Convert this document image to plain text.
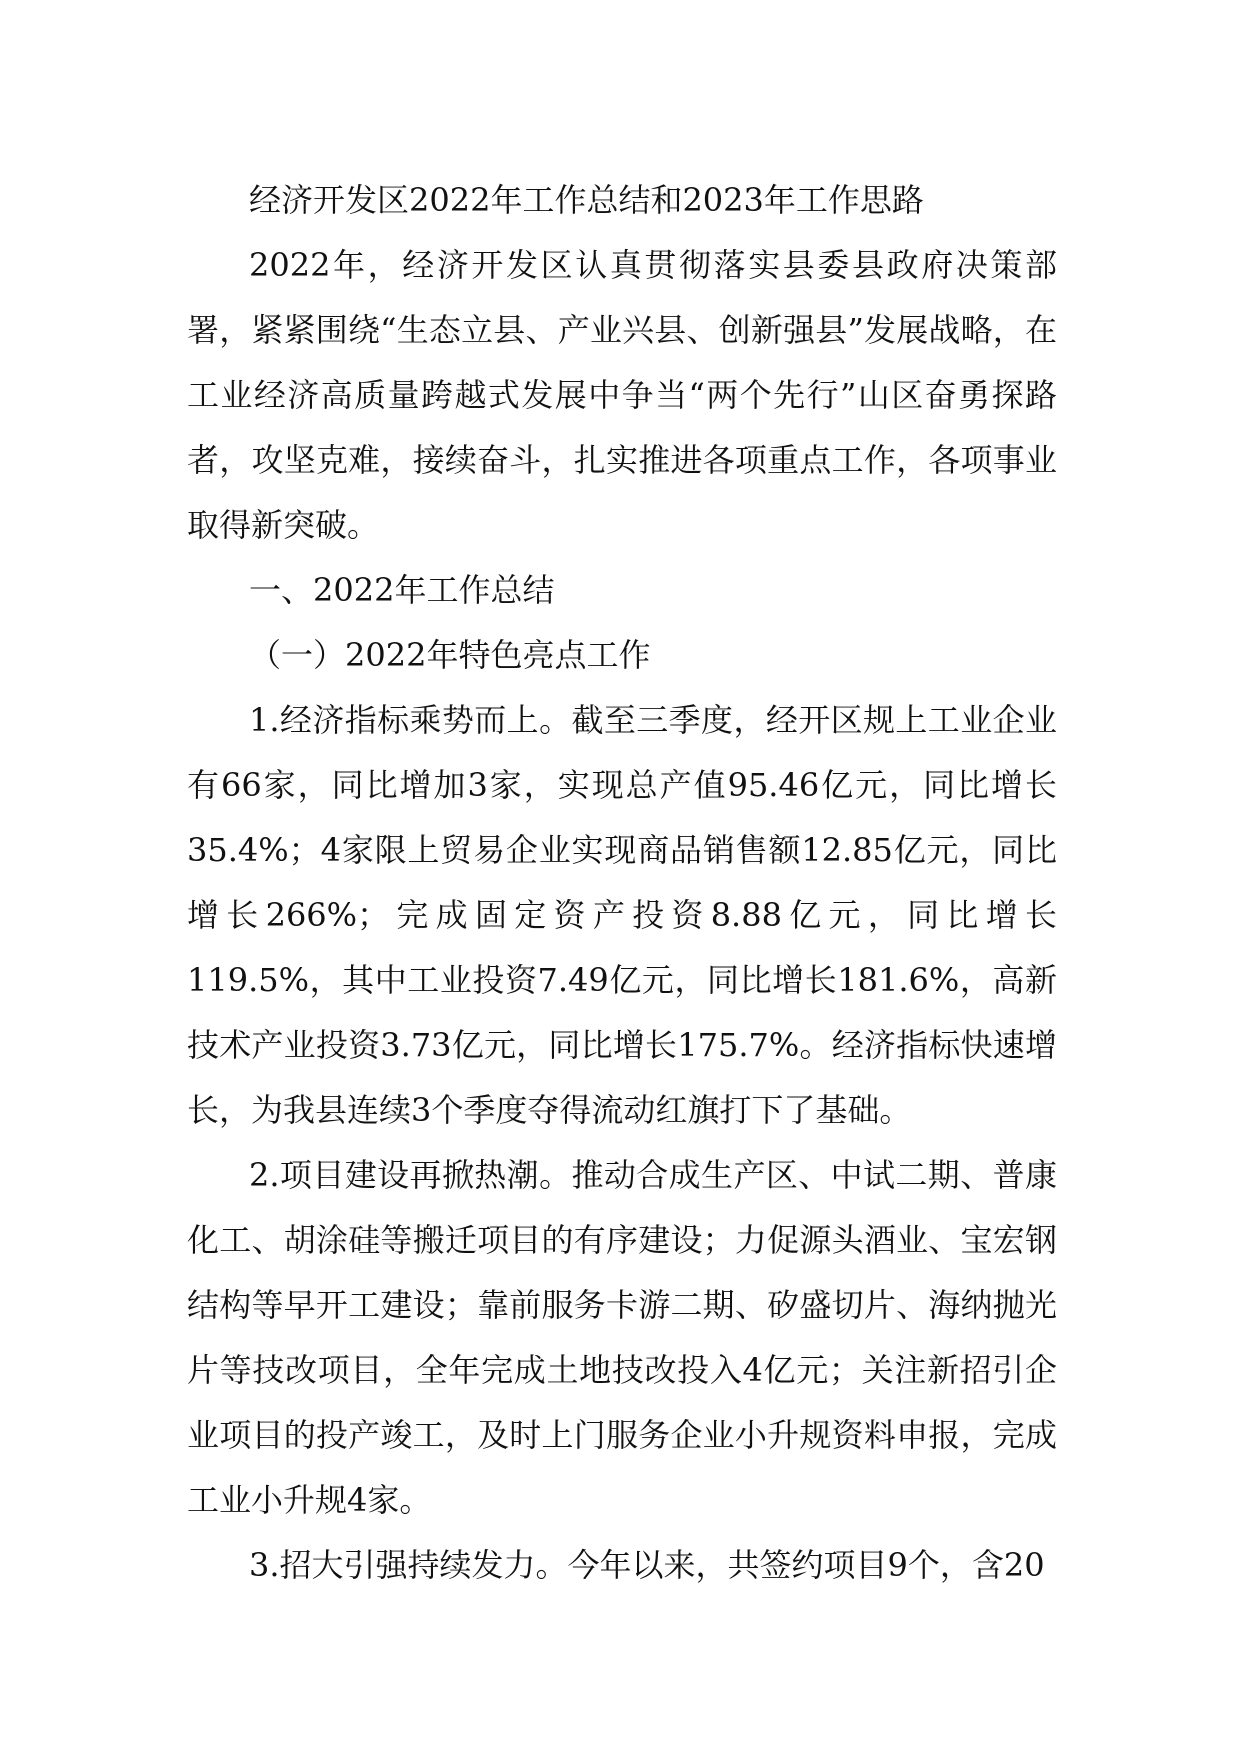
经济开发区2022年工作总结和2023年工作思路

2022年，经济开发区认真贯彻落实县委县政府决策部署，紧紧围绕“生态立县、产业兴县、创新强县”发展战略，在工业经济高质量跨越式发展中争当“两个先行”山区奋勇探路者，攻坚克难，接续奋斗，扎实推进各项重点工作，各项事业取得新突破。

一、2022年工作总结

（一）2022年特色亮点工作

1.经济指标乘势而上。截至三季度，经开区规上工业企业有66家，同比增加3家，实现总产值95.46亿元，同比增长35.4%；4家限上贸易企业实现商品销售额12.85亿元，同比增长266%；完成固定资产投资8.88亿元，同比增长119.5%，其中工业投资7.49亿元，同比增长181.6%，高新技术产业投资3.73亿元，同比增长175.7%。经济指标快速增长，为我县连续3个季度夺得流动红旗打下了基础。

2.项目建设再掀热潮。推动合成生产区、中试二期、普康化工、胡涂硅等搬迁项目的有序建设；力促源头酒业、宝宏钢结构等早开工建设；靠前服务卡游二期、矽盛切片、海纳抛光片等技改项目，全年完成土地技改投入4亿元；关注新招引企业项目的投产竣工，及时上门服务企业小升规资料申报，完成工业小升规4家。

3.招大引强持续发力。今年以来，共签约项目9个，含20
